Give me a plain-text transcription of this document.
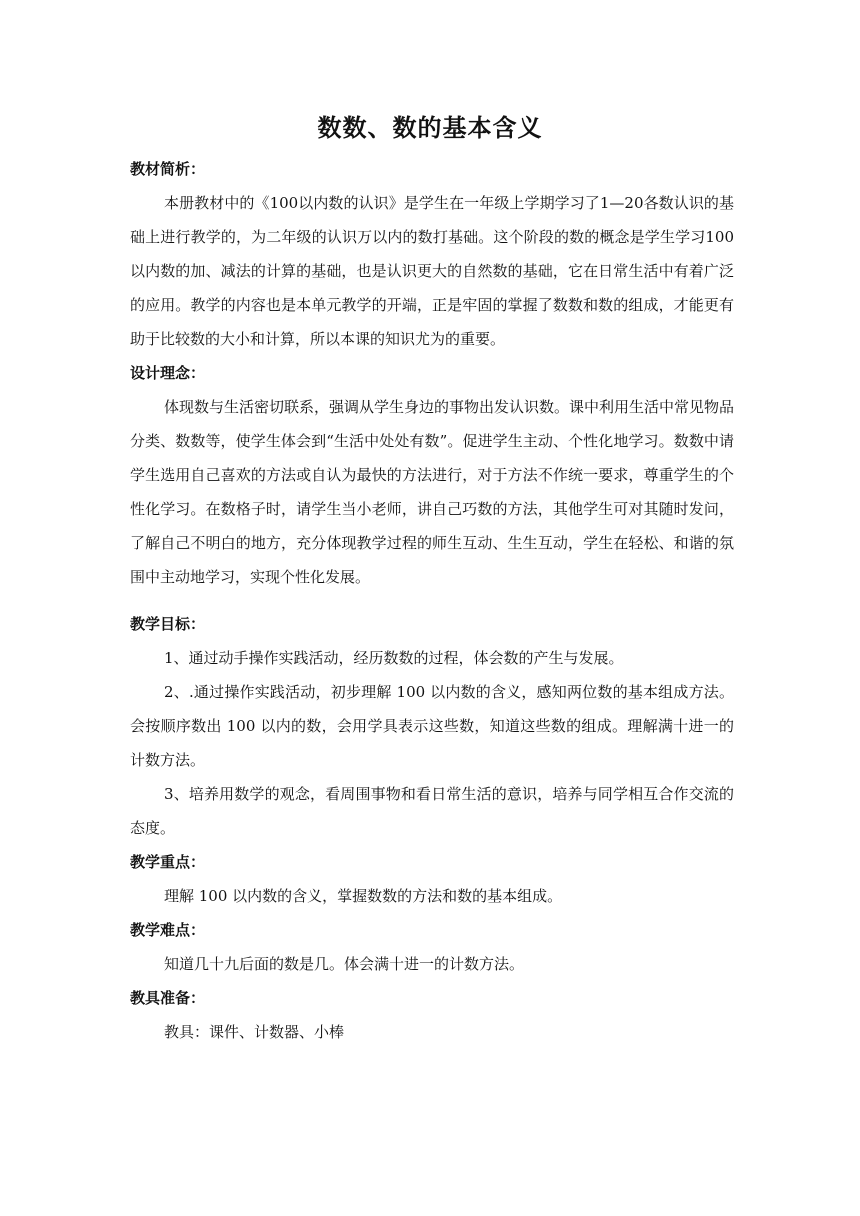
数数、数的基本含义
教材简析：

本册教材中的《100以内数的认识》是学生在一年级上学期学习了1—20各数认识的基础上进行教学的，为二年级的认识万以内的数打基础。这个阶段的数的概念是学生学习100以内数的加、减法的计算的基础，也是认识更大的自然数的基础，它在日常生活中有着广泛的应用。教学的内容也是本单元教学的开端，正是牢固的掌握了数数和数的组成，才能更有助于比较数的大小和计算，所以本课的知识尤为的重要。

设计理念：

体现数与生活密切联系，强调从学生身边的事物出发认识数。课中利用生活中常见物品分类、数数等，使学生体会到“生活中处处有数”。促进学生主动、个性化地学习。数数中请学生选用自己喜欢的方法或自认为最快的方法进行，对于方法不作统一要求，尊重学生的个性化学习。在数格子时，请学生当小老师，讲自己巧数的方法，其他学生可对其随时发问，了解自己不明白的地方，充分体现教学过程的师生互动、生生互动，学生在轻松、和谐的氛围中主动地学习，实现个性化发展。

教学目标：

1、通过动手操作实践活动，经历数数的过程，体会数的产生与发展。

2、.通过操作实践活动，初步理解 100 以内数的含义，感知两位数的基本组成方法。会按顺序数出 100 以内的数，会用学具表示这些数，知道这些数的组成。理解满十进一的计数方法。

3、培养用数学的观念，看周围事物和看日常生活的意识，培养与同学相互合作交流的态度。

教学重点：

理解 100 以内数的含义，掌握数数的方法和数的基本组成。

教学难点：

知道几十九后面的数是几。体会满十进一的计数方法。

教具准备：

教具：课件、计数器、小棒
